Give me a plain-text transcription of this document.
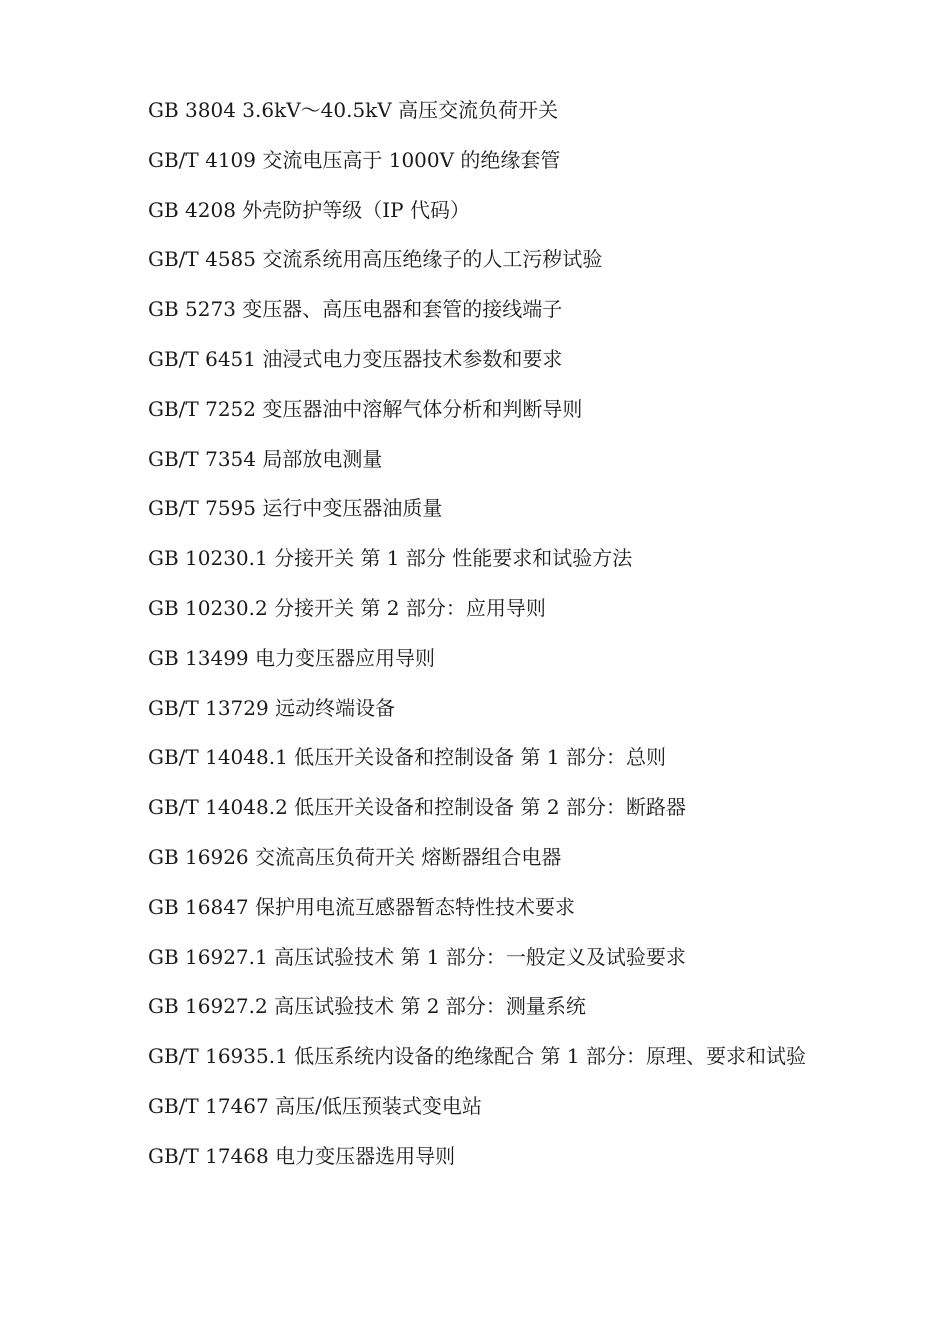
GB 3804 3.6kV～40.5kV 高压交流负荷开关
GB/T 4109 交流电压高于 1000V 的绝缘套管
GB 4208 外壳防护等级（IP 代码）
GB/T 4585 交流系统用高压绝缘子的人工污秽试验
GB 5273 变压器、高压电器和套管的接线端子
GB/T 6451 油浸式电力变压器技术参数和要求
GB/T 7252 变压器油中溶解气体分析和判断导则
GB/T 7354 局部放电测量
GB/T 7595 运行中变压器油质量
GB 10230.1 分接开关 第 1 部分 性能要求和试验方法
GB 10230.2 分接开关 第 2 部分：应用导则
GB 13499 电力变压器应用导则
GB/T 13729 远动终端设备
GB/T 14048.1 低压开关设备和控制设备 第 1 部分：总则
GB/T 14048.2 低压开关设备和控制设备 第 2 部分：断路器
GB 16926 交流高压负荷开关 熔断器组合电器
GB 16847 保护用电流互感器暂态特性技术要求
GB 16927.1 高压试验技术 第 1 部分：一般定义及试验要求
GB 16927.2 高压试验技术 第 2 部分：测量系统
GB/T 16935.1 低压系统内设备的绝缘配合 第 1 部分：原理、要求和试验
GB/T 17467 高压/低压预装式变电站
GB/T 17468 电力变压器选用导则
